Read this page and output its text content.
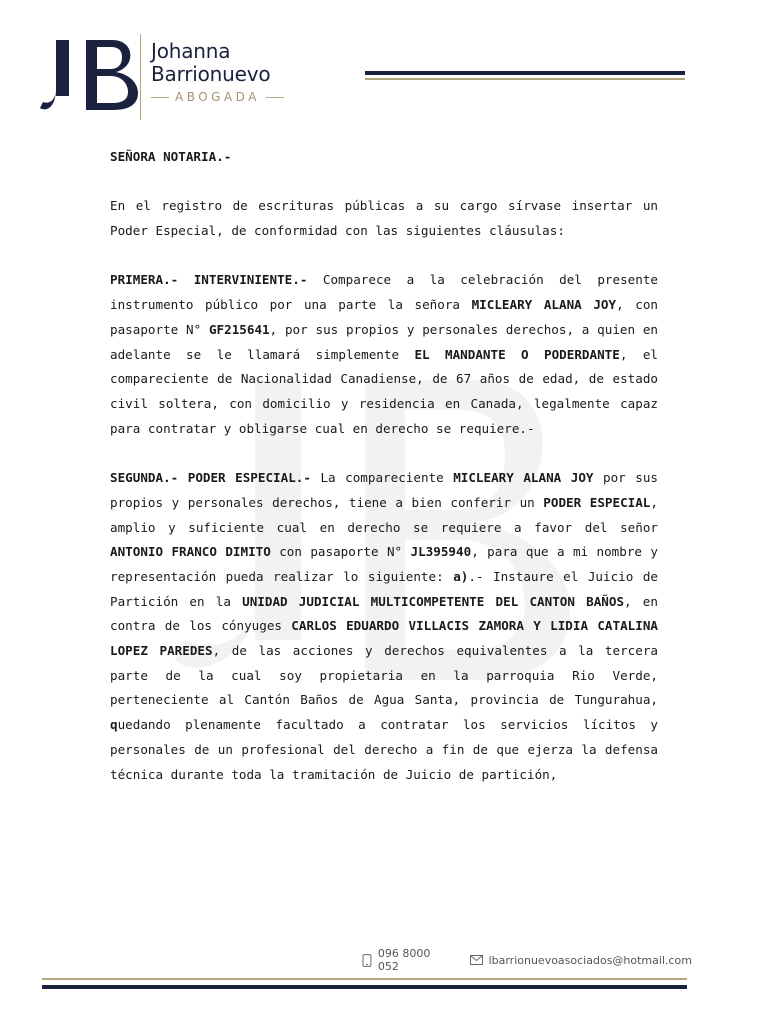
Johanna
Barrionuevo
ABOGADA

SEÑORA NOTARIA.-

En el registro de escrituras públicas a su cargo sírvase insertar un Poder Especial, de conformidad con las siguientes cláusulas:

PRIMERA.- INTERVINIENTE.- Comparece a la celebración del presente instrumento público por una parte la señora MICLEARY ALANA JOY, con pasaporte N° GF215641, por sus propios y personales derechos, a quien en adelante se le llamará simplemente EL MANDANTE O PODERDANTE, el compareciente de Nacionalidad Canadiense, de 67 años de edad, de estado civil soltera, con domicilio y residencia en Canada, legalmente capaz para contratar y obligarse cual en derecho se requiere.-

SEGUNDA.- PODER ESPECIAL.- La compareciente MICLEARY ALANA JOY por sus propios y personales derechos, tiene a bien conferir un PODER ESPECIAL, amplio y suficiente cual en derecho se requiere a favor del señor ANTONIO FRANCO DIMITO con pasaporte N° JL395940, para que a mi nombre y representación pueda realizar lo siguiente: a).- Instaure el Juicio de Partición en la UNIDAD JUDICIAL MULTICOMPETENTE DEL CANTON BAÑOS, en contra de los cónyuges CARLOS EDUARDO VILLACIS ZAMORA Y LIDIA CATALINA LOPEZ PAREDES, de las acciones y derechos equivalentes a la tercera parte de la cual soy propietaria en la parroquia Rio Verde, perteneciente al Cantón Baños de Agua Santa, provincia de Tungurahua, quedando plenamente facultado a contratar los servicios lícitos y personales de un profesional del derecho a fin de que ejerza la defensa técnica durante toda la tramitación de Juicio de partición,

096 8000 052	lbarrionuevoasociados@hotmail.com
